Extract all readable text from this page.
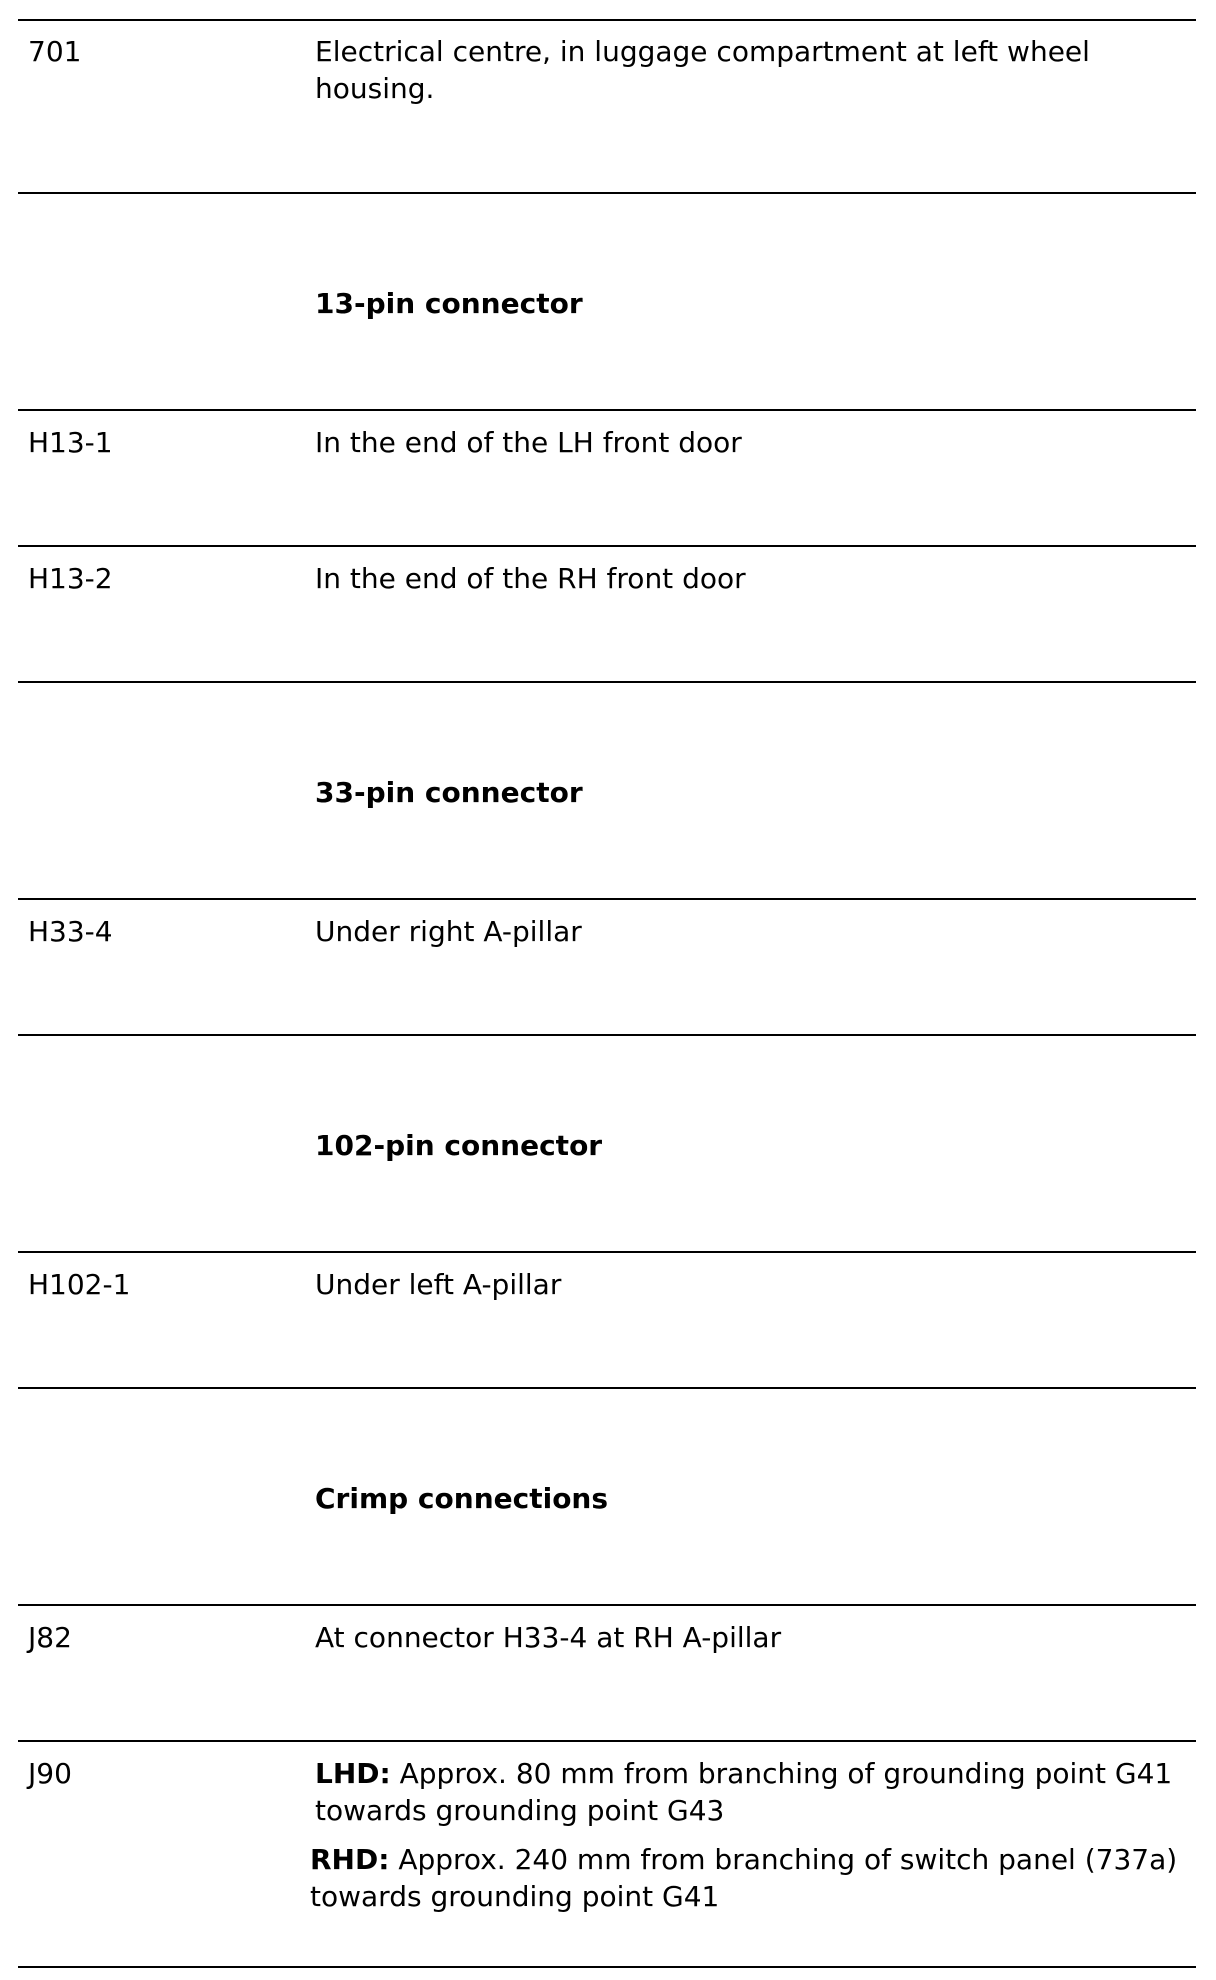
701	Electrical centre, in luggage compartment at left wheel housing.
13-pin connector
H13-1	In the end of the LH front door
H13-2	In the end of the RH front door
33-pin connector
H33-4	Under right A-pillar
102-pin connector
H102-1	Under left A-pillar
Crimp connections
J82	At connector H33-4 at RH A-pillar
J90	LHD: Approx. 80 mm from branching of grounding point G41 towards grounding point G43

RHD: Approx. 240 mm from branching of switch panel (737a) towards grounding point G41
